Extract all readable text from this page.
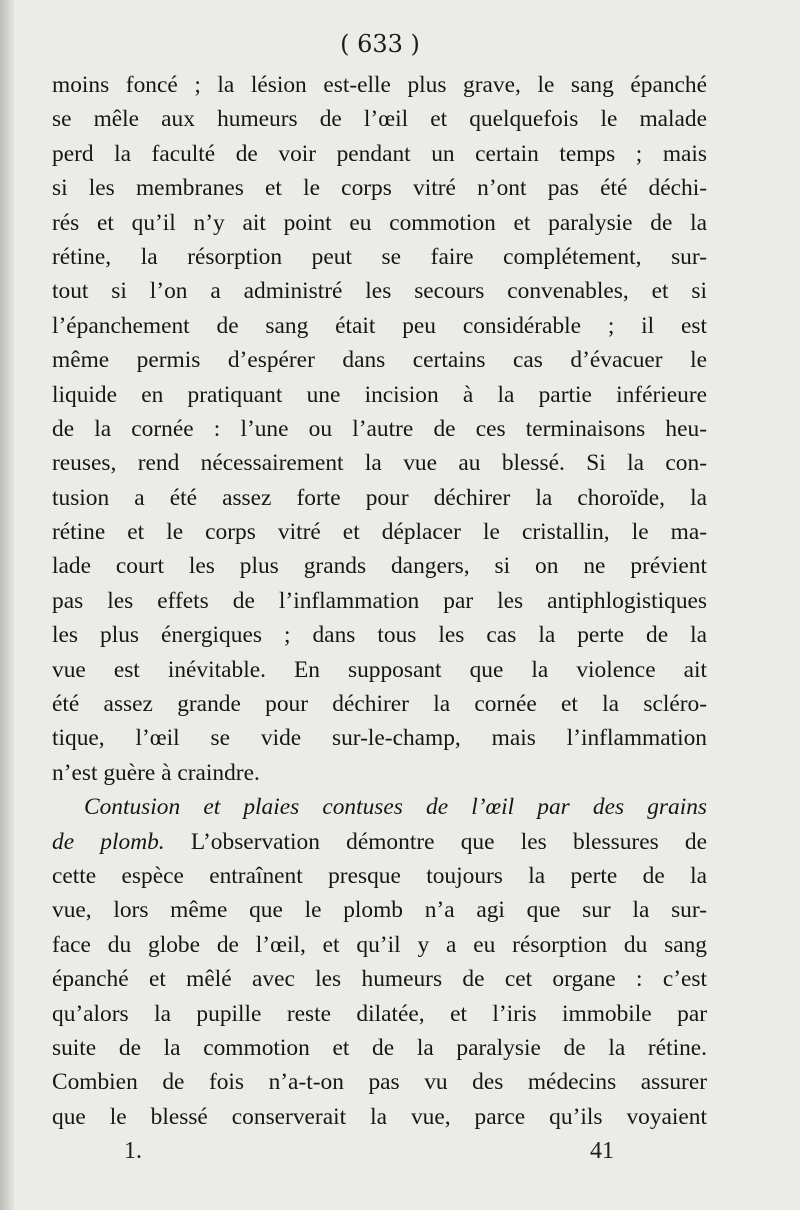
( 633 )
moins foncé ; la lésion est-elle plus grave, le sang épanché
se mêle aux humeurs de l’œil et quelquefois le malade
perd la faculté de voir pendant un certain temps ; mais
si les membranes et le corps vitré n’ont pas été déchi-
rés et qu’il n’y ait point eu commotion et paralysie de la
rétine, la résorption peut se faire complétement, sur-
tout si l’on a administré les secours convenables, et si
l’épanchement de sang était peu considérable ; il est
même permis d’espérer dans certains cas d’évacuer le
liquide en pratiquant une incision à la partie inférieure
de la cornée : l’une ou l’autre de ces terminaisons heu-
reuses, rend nécessairement la vue au blessé. Si la con-
tusion a été assez forte pour déchirer la choroïde, la
rétine et le corps vitré et déplacer le cristallin, le ma-
lade court les plus grands dangers, si on ne prévient
pas les effets de l’inflammation par les antiphlogistiques
les plus énergiques ; dans tous les cas la perte de la
vue est inévitable. En supposant que la violence ait
été assez grande pour déchirer la cornée et la scléro-
tique, l’œil se vide sur-le-champ, mais l’inflammation
n’est guère à craindre.
Contusion et plaies contuses de l’œil par des grains
de plomb. L’observation démontre que les blessures de
cette espèce entraînent presque toujours la perte de la
vue, lors même que le plomb n’a agi que sur la sur-
face du globe de l’œil, et qu’il y a eu résorption du sang
épanché et mêlé avec les humeurs de cet organe : c’est
qu’alors la pupille reste dilatée, et l’iris immobile par
suite de la commotion et de la paralysie de la rétine.
Combien de fois n’a-t-on pas vu des médecins assurer
que le blessé conserverait la vue, parce qu’ils voyaient
1.	41
